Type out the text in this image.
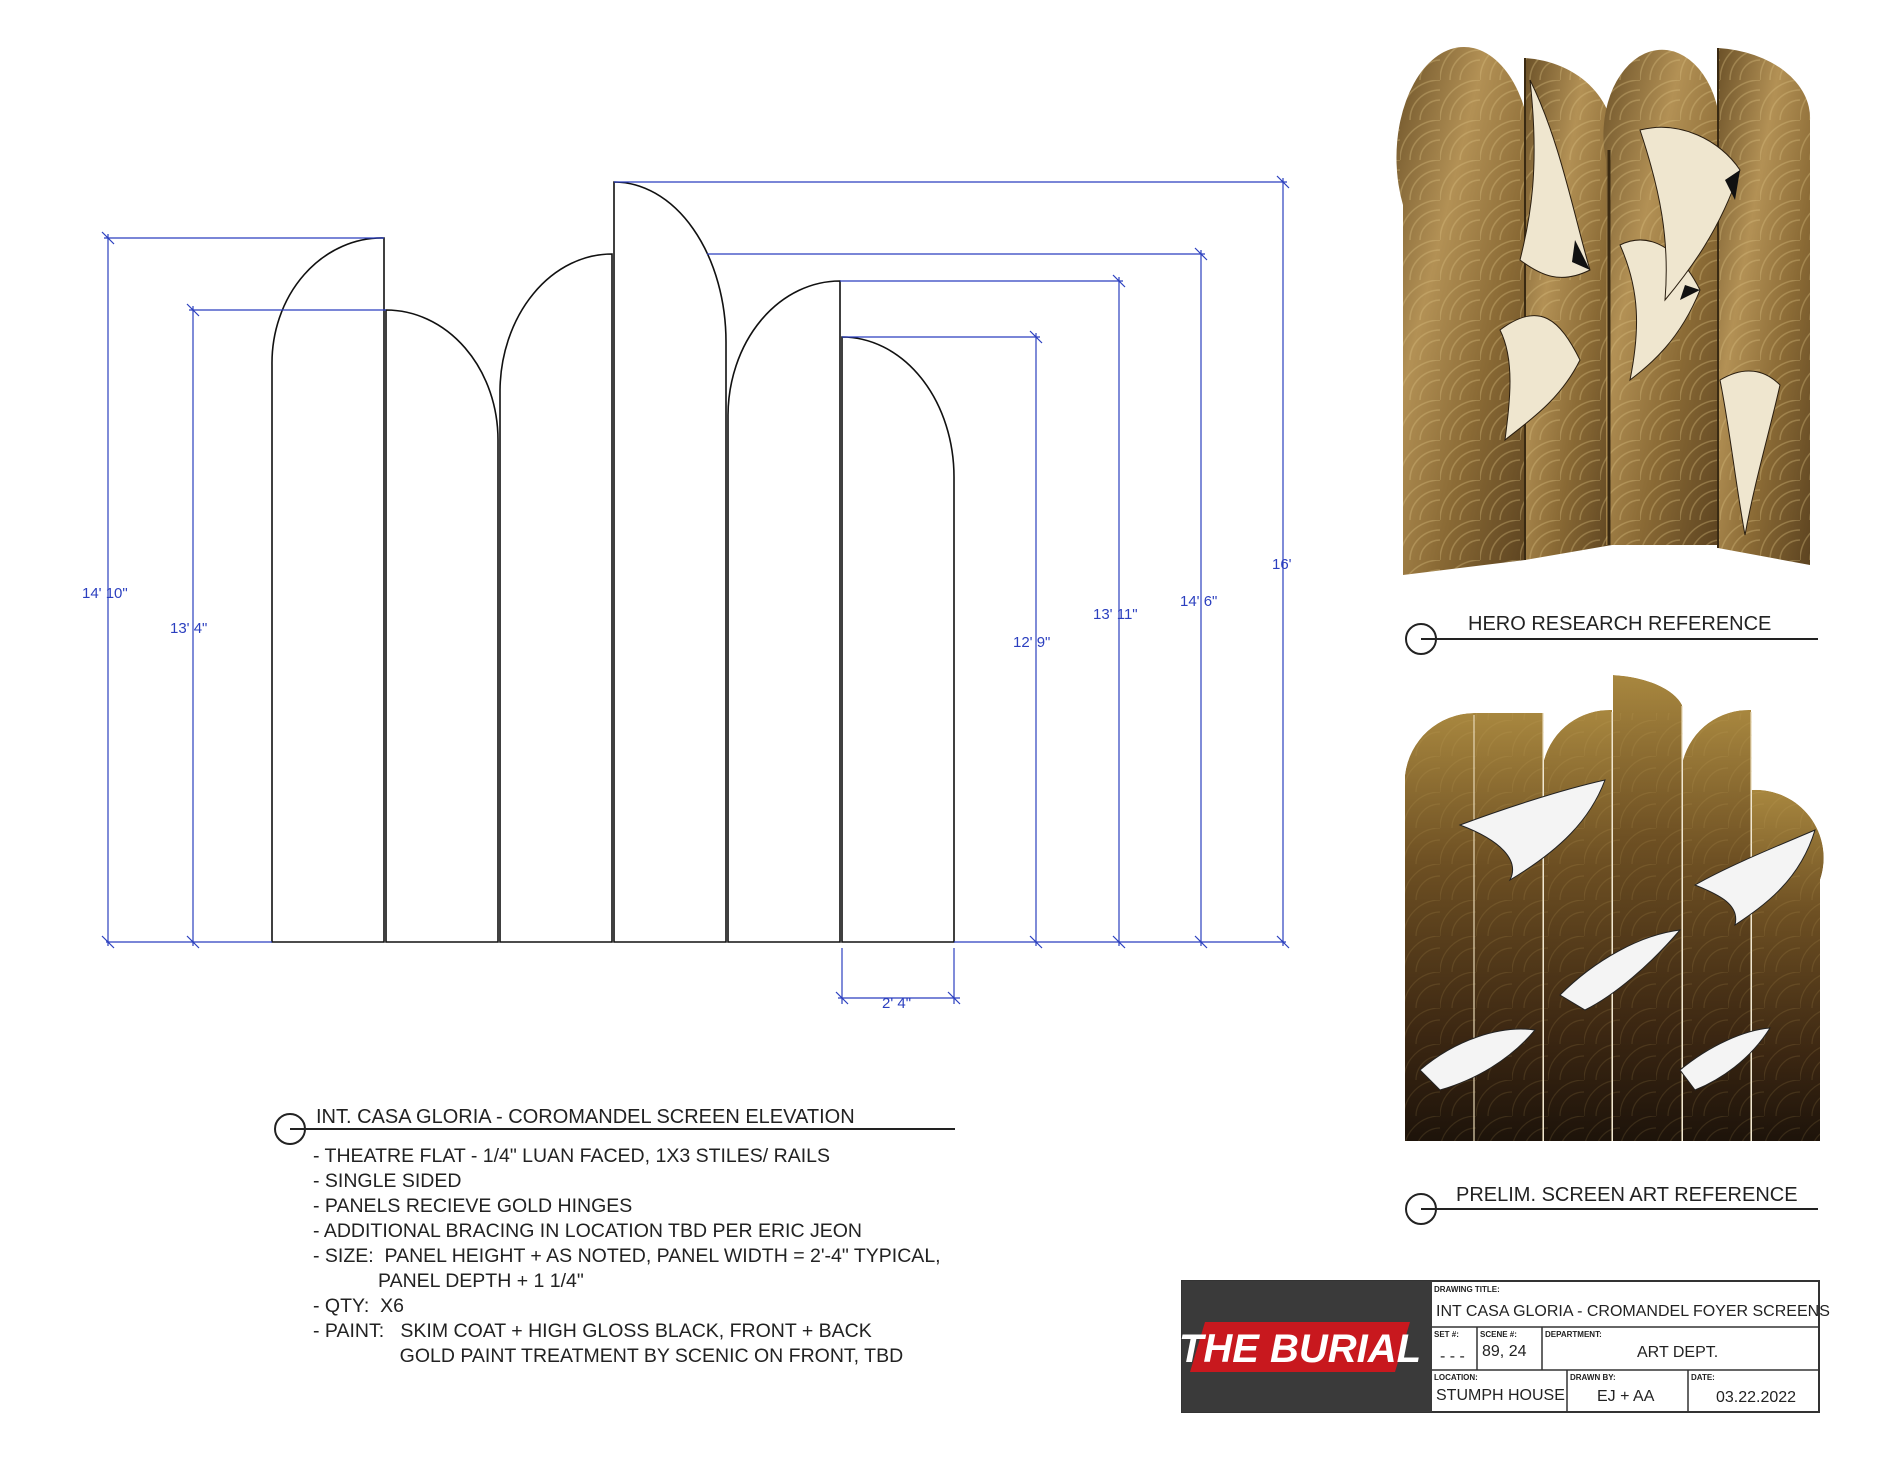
14' 10"
13' 4"
12' 9"
13' 11"
14' 6"
16'
2' 4"
INT. CASA GLORIA - COROMANDEL SCREEN ELEVATION
HERO RESEARCH REFERENCE
PRELIM. SCREEN ART REFERENCE
THE BURIAL
DRAWING TITLE:
INT CASA GLORIA - CROMANDEL FOYER SCREENS
SET #:
- - -
SCENE #:
89, 24
DEPARTMENT:
ART DEPT.
LOCATION:
STUMPH HOUSE
DRAWN BY:
EJ + AA
DATE:
03.22.2022
- THEATRE FLAT - 1/4" LUAN FACED, 1X3 STILES/ RAILS
- SINGLE SIDED
- PANELS RECIEVE GOLD HINGES
- ADDITIONAL BRACING IN LOCATION TBD PER ERIC JEON
- SIZE:  PANEL HEIGHT + AS NOTED, PANEL WIDTH = 2'-4" TYPICAL,
PANEL DEPTH + 1 1/4"
- QTY:  X6
- PAINT:   SKIM COAT + HIGH GLOSS BLACK, FRONT + BACK
GOLD PAINT TREATMENT BY SCENIC ON FRONT, TBD
